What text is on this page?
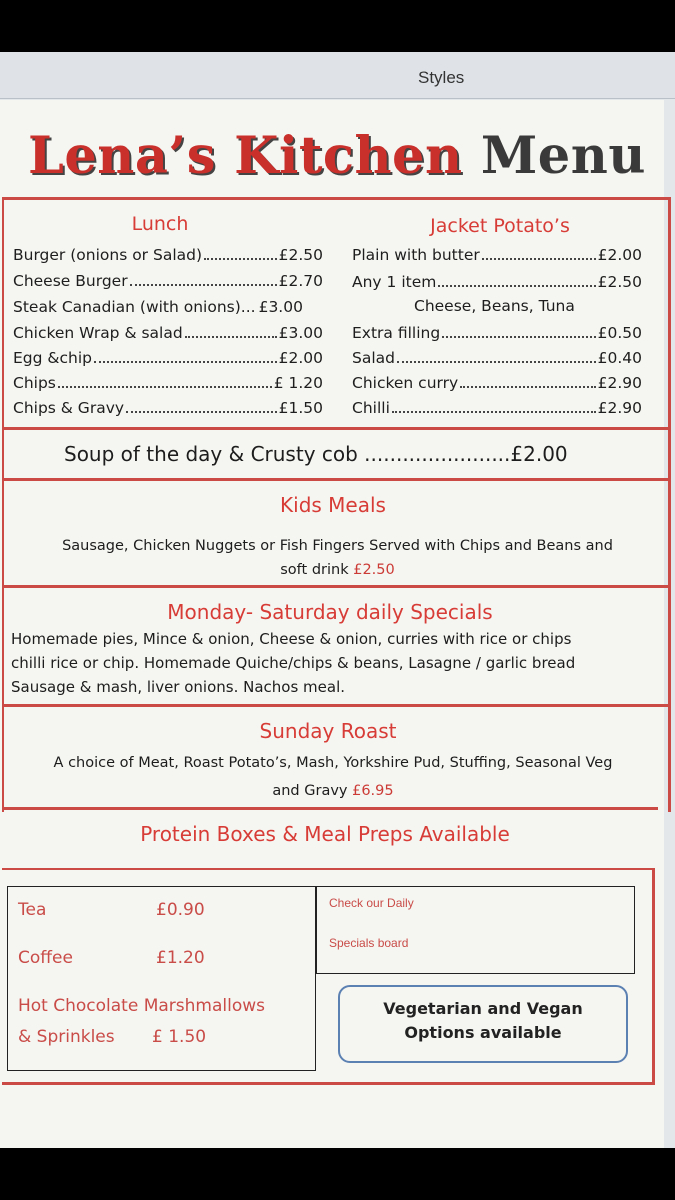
Styles
Lena’s Kitchen Menu
Lunch
Burger (onions or Salad)	£2.50
Cheese Burger	£2.70
Steak Canadian (with onions)... £3.00
Chicken Wrap & salad	£3.00
Egg &chip	£2.00
Chips	£ 1.20
Chips & Gravy	£1.50
Jacket Potato’s
Plain with butter	£2.00
Any 1 item	£2.50
Cheese, Beans, Tuna
Extra filling	£0.50
Salad	£0.40
Chicken curry	£2.90
Chilli	£2.90
Soup of the day & Crusty cob .......................£2.00
Kids Meals
Sausage, Chicken Nuggets or Fish Fingers Served with Chips and Beans and
soft drink £2.50
Monday- Saturday daily Specials
Homemade pies, Mince & onion, Cheese & onion, curries with rice or chips
chilli rice or chip. Homemade Quiche/chips & beans, Lasagne / garlic bread
Sausage & mash, liver onions. Nachos meal.
Sunday Roast
A choice of Meat, Roast Potato’s, Mash, Yorkshire Pud, Stuffing, Seasonal Veg
and Gravy £6.95
Protein Boxes & Meal Preps Available
Tea	£0.90
Coffee	£1.20
Hot Chocolate Marshmallows
& Sprinkles £ 1.50
Check our Daily
Specials board
Vegetarian and Vegan
Options available
